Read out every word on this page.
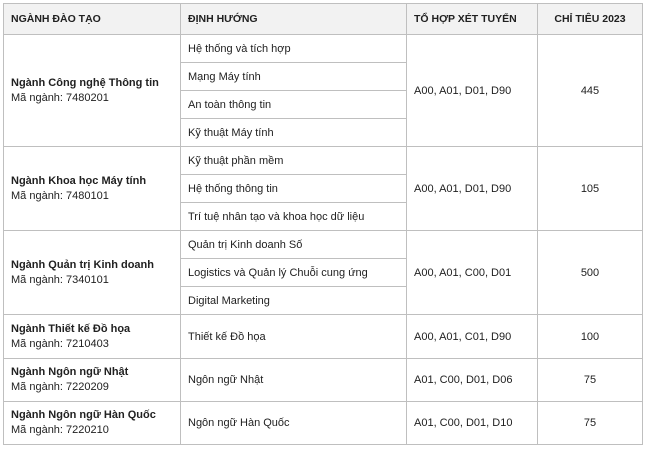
NGÀNH ĐÀO TẠO	ĐỊNH HƯỚNG	TỔ HỢP XÉT TUYỂN	CHỈ TIÊU 2023

Ngành Công nghệ Thông tin
Mã ngành: 7480201	Hệ thống và tích hợp	A00, A01, D01, D90	445
	Mạng Máy tính		
	An toàn thông tin		
	Kỹ thuật Máy tính		

Ngành Khoa học Máy tính
Mã ngành: 7480101	Kỹ thuật phần mềm	A00, A01, D01, D90	105
	Hệ thống thông tin		
	Trí tuệ nhân tạo và khoa học dữ liệu		

Ngành Quản trị Kinh doanh
Mã ngành: 7340101	Quản trị Kinh doanh Số	A00, A01, C00, D01	500
	Logistics và Quản lý Chuỗi cung ứng		
	Digital Marketing		

Ngành Thiết kế Đồ họa
Mã ngành: 7210403	Thiết kế Đồ họa	A00, A01, C01, D90	100

Ngành Ngôn ngữ Nhật
Mã ngành: 7220209	Ngôn ngữ Nhật	A01, C00, D01, D06	75

Ngành Ngôn ngữ Hàn Quốc
Mã ngành: 7220210	Ngôn ngữ Hàn Quốc	A01, C00, D01, D10	75
